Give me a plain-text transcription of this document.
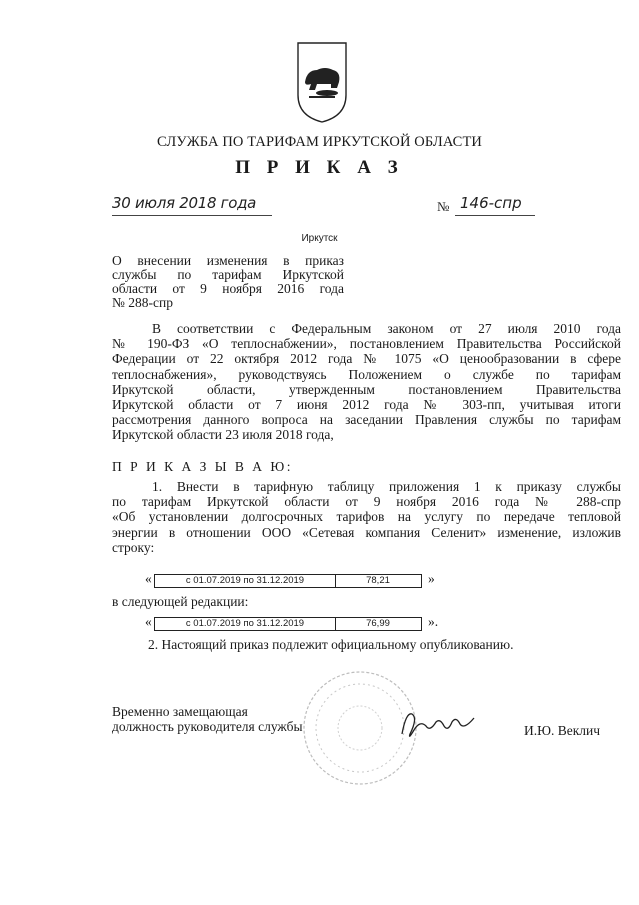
СЛУЖБА ПО ТАРИФАМ ИРКУТСКОЙ ОБЛАСТИ
П Р И К А З
30 июля 2018 года	№ 146-спр
Иркутск
О внесении изменения в приказ
службы по тарифам Иркутской
области от 9 ноября 2016 года
№ 288-спр
В соответствии с Федеральным законом от 27 июля 2010 года
№ 190-ФЗ «О теплоснабжении», постановлением Правительства Российской
Федерации от 22 октября 2012 года № 1075 «О ценообразовании в сфере
теплоснабжения», руководствуясь Положением о службе по тарифам
Иркутской области, утвержденным постановлением Правительства
Иркутской области от 7 июня 2012 года № 303-пп, учитывая итоги
рассмотрения данного вопроса на заседании Правления службы по тарифам
Иркутской области 23 июля 2018 года,
П Р И К А З Ы В А Ю:
1. Внести в тарифную таблицу приложения 1 к приказу службы
по тарифам Иркутской области от 9 ноября 2016 года № 288-спр
«Об установлении долгосрочных тарифов на услугу по передаче тепловой
энергии в отношении ООО «Сетевая компания Селенит» изменение, изложив
строку:
«	с 01.07.2019 по 31.12.2019	78,21	»
в следующей редакции:
«	с 01.07.2019 по 31.12.2019	76,99	».
2. Настоящий приказ подлежит официальному опубликованию.
Временно замещающая
должность руководителя службы	И.Ю. Веклич
